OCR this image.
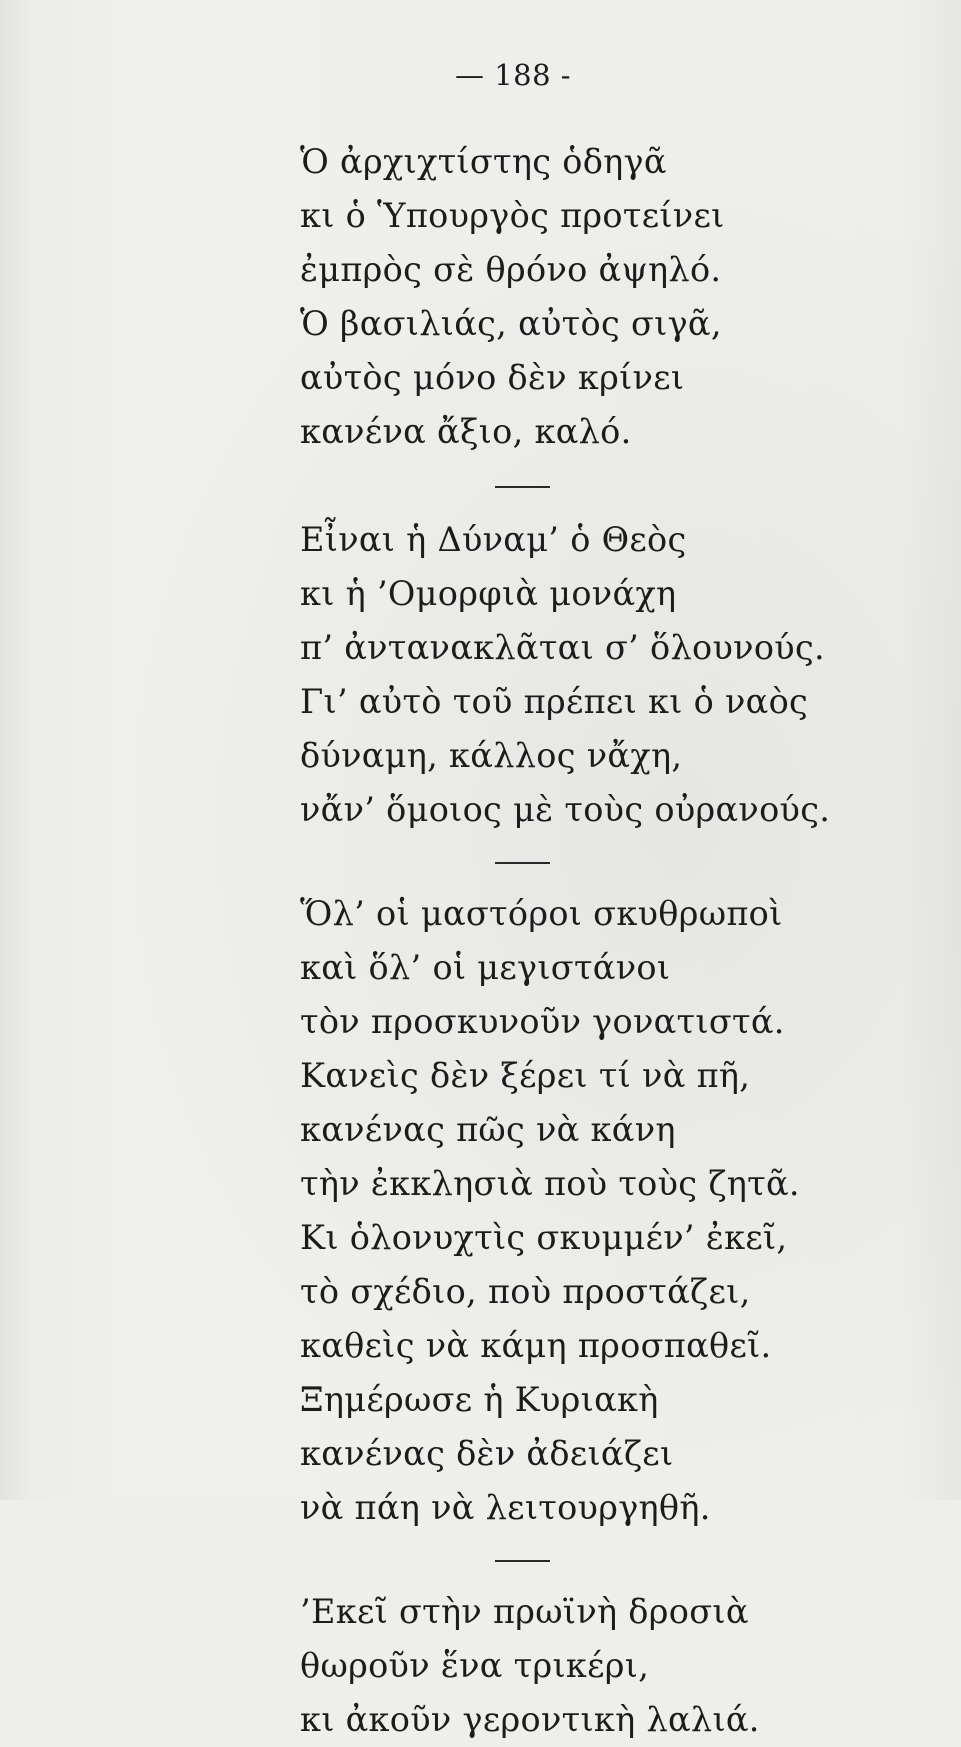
— 188 -
Ὁ ἀρχιχτίστης ὁδηγᾶ
κι ὁ Ὑπουργὸς προτείνει
ἐμπρὸς σὲ θρόνο ἀψηλό.
Ὁ βασιλιάς, αὐτὸς σιγᾶ,
αὐτὸς μόνο δὲν κρίνει
κανένα ἄξιο, καλό.
Εἶναι ἡ Δύναμ’ ὁ Θεὸς
κι ἡ ’Ομορφιὰ μονάχη
π’ ἀντανακλᾶται σ’ ὅλουνούς.
Γι’ αὐτὸ τοῦ πρέπει κι ὁ ναὸς
δύναμη, κάλλος νἄχη,
νἄν’ ὅμοιος μὲ τοὺς οὐρανούς.
Ὅλ’ οἱ μαστόροι σκυθρωποὶ
καὶ ὅλ’ οἱ μεγιστάνοι
τὸν προσκυνοῦν γονατιστά.
Κανεὶς δὲν ξέρει τί νὰ πῆ,
κανένας πῶς νὰ κάνη
τὴν ἐκκλησιὰ ποὺ τοὺς ζητᾶ.
Κι ὁλονυχτὶς σκυμμέν’ ἐκεῖ,
τὸ σχέδιο, ποὺ προστάζει,
καθεὶς νὰ κάμη προσπαθεῖ.
Ξημέρωσε ἡ Κυριακὴ
κανένας δὲν ἀδειάζει
νὰ πάη νὰ λειτουργηθῆ.
’Εκεῖ στὴν πρωϊνὴ δροσιὰ
θωροῦν ἕνα τρικέρι,
κι ἀκοῦν γεροντικὴ λαλιά.
